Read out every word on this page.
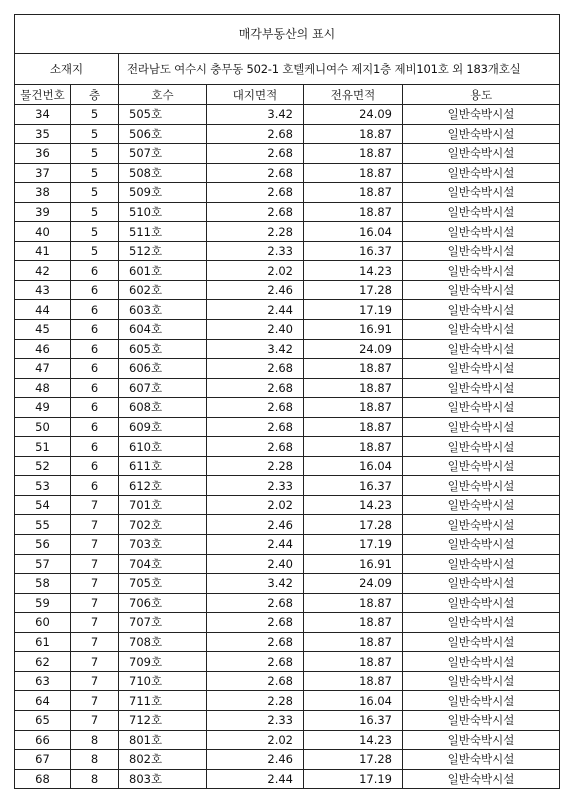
매각부동산의 표시					
소재지		전라남도 여수시 충무동 502-1 호텔케니여수 제지1층 제비101호 외 183개호실			
물건번호	층	호수	대지면적	전유면적	용도
34	5	505호	3.42	24.09	일반숙박시설
35	5	506호	2.68	18.87	일반숙박시설
36	5	507호	2.68	18.87	일반숙박시설
37	5	508호	2.68	18.87	일반숙박시설
38	5	509호	2.68	18.87	일반숙박시설
39	5	510호	2.68	18.87	일반숙박시설
40	5	511호	2.28	16.04	일반숙박시설
41	5	512호	2.33	16.37	일반숙박시설
42	6	601호	2.02	14.23	일반숙박시설
43	6	602호	2.46	17.28	일반숙박시설
44	6	603호	2.44	17.19	일반숙박시설
45	6	604호	2.40	16.91	일반숙박시설
46	6	605호	3.42	24.09	일반숙박시설
47	6	606호	2.68	18.87	일반숙박시설
48	6	607호	2.68	18.87	일반숙박시설
49	6	608호	2.68	18.87	일반숙박시설
50	6	609호	2.68	18.87	일반숙박시설
51	6	610호	2.68	18.87	일반숙박시설
52	6	611호	2.28	16.04	일반숙박시설
53	6	612호	2.33	16.37	일반숙박시설
54	7	701호	2.02	14.23	일반숙박시설
55	7	702호	2.46	17.28	일반숙박시설
56	7	703호	2.44	17.19	일반숙박시설
57	7	704호	2.40	16.91	일반숙박시설
58	7	705호	3.42	24.09	일반숙박시설
59	7	706호	2.68	18.87	일반숙박시설
60	7	707호	2.68	18.87	일반숙박시설
61	7	708호	2.68	18.87	일반숙박시설
62	7	709호	2.68	18.87	일반숙박시설
63	7	710호	2.68	18.87	일반숙박시설
64	7	711호	2.28	16.04	일반숙박시설
65	7	712호	2.33	16.37	일반숙박시설
66	8	801호	2.02	14.23	일반숙박시설
67	8	802호	2.46	17.28	일반숙박시설
68	8	803호	2.44	17.19	일반숙박시설
